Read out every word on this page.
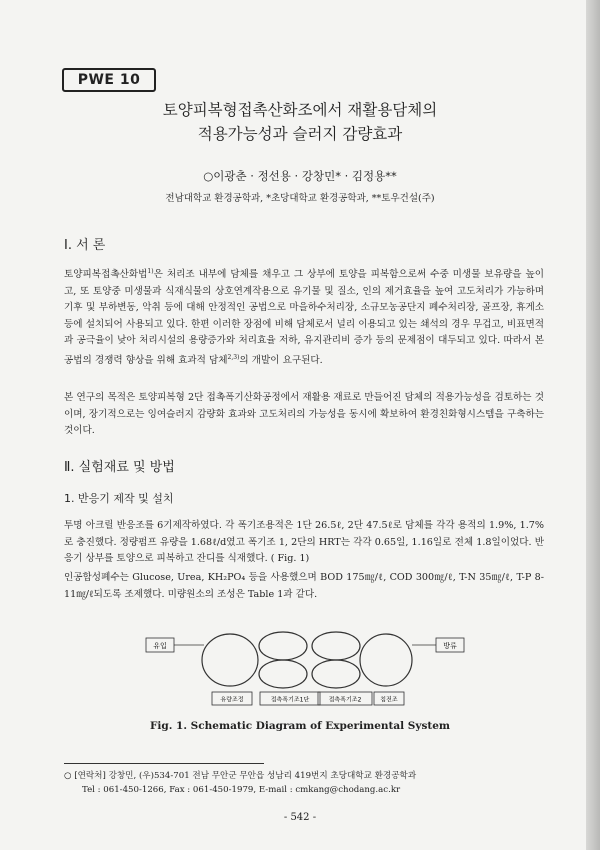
PWE 10
토양피복형접촉산화조에서 재활용담체의
적용가능성과 슬러지 감량효과
○이광춘 · 정선용 · 강창민* · 김정용**
전남대학교 환경공학과, *초당대학교 환경공학과, **토우건설(주)
Ⅰ. 서 론

토양피복접촉산화법$^{1)}$은 처리조 내부에 담체를 채우고 그 상부에 토양을 피복함으로써 수중 미생물 보유량을 높이고, 또 토양중 미생물과 식재식물의 상호연계작용으로 유기물 및 질소, 인의 제거효율을 높여 고도처리가 가능하며 기후 및 부하변동, 악취 등에 대해 안정적인 공법으로 마을하수처리장, 소규모농공단지 폐수처리장, 골프장, 휴게소 등에 설치되어 사용되고 있다. 한편 이러한 장점에 비해 담체로서 널리 이용되고 있는 쇄석의 경우 무겁고, 비표면적과 공극율이 낮아 처리시설의 용량증가와 처리효율 저하, 유지관리비 증가 등의 문제점이 대두되고 있다. 따라서 본 공법의 경쟁력 향상을 위해 효과적 담체$^{2,3)}$의 개발이 요구된다.

본 연구의 목적은 토양피복형 2단 접촉폭기산화공정에서 재활용 재료로 만들어진 담체의 적용가능성을 검토하는 것이며, 장기적으로는 잉여슬러지 감량화 효과와 고도처리의 가능성을 동시에 확보하여 환경친화형시스템을 구축하는 것이다.

Ⅱ. 실험재료 및 방법
1. 반응기 제작 및 설치

투명 아크릴 반응조를 6기제작하였다. 각 폭기조용적은 1단 26.5ℓ, 2단 47.5ℓ로 담체를 각각 용적의 1.9%, 1.7%로 충진했다. 정량펌프 유량을 1.68ℓ/d였고 폭기조 1, 2단의 HRT는 각각 0.65일, 1.16일로 전체 1.8일이었다. 반응기 상부를 토양으로 피복하고 잔디를 식재했다. ( Fig. 1)

인공합성폐수는 Glucose, Urea, KH₂PO₄ 등을 사용했으며 BOD 175㎎/ℓ, COD 300㎎/ℓ, T-N 35㎎/ℓ, T-P 8-11㎎/ℓ되도록 조제했다. 미량원소의 조성은 Table 1과 같다.

유입	방류
유량조정	접촉폭기조1단	접촉폭기조2	침전조
Fig. 1. Schematic Diagram of Experimental System
○ [연락처] 강창민, (우)534-701 전남 무안군 무안읍 성남리 419번지 초당대학교 환경공학과
Tel : 061-450-1266, Fax : 061-450-1979, E-mail : cmkang@chodang.ac.kr
- 542 -
